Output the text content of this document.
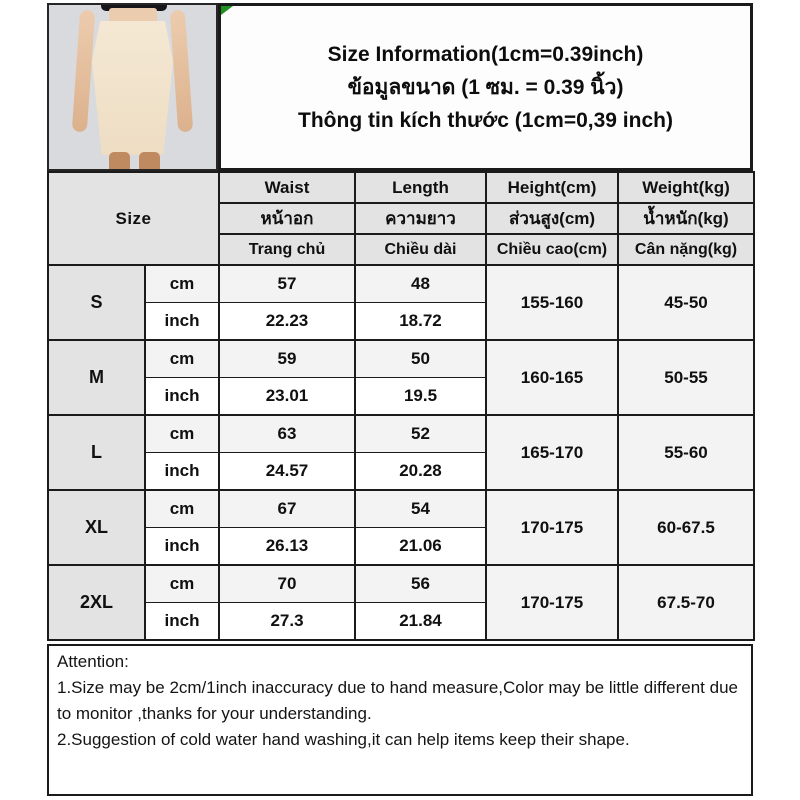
Size Information(1cm=0.39inch)
ข้อมูลขนาด (1 ซม. = 0.39 นิ้ว)
Thông tin kích thước (1cm=0,39 inch)
Size		Waist	Length	Height(cm)	Weight(kg)
		หน้าอก	ความยาว	ส่วนสูง(cm)	น้ำหนัก(kg)
		Trang chủ	Chiều dài	Chiều cao(cm)	Cân nặng(kg)
S	cm	57	48	155-160	45-50
	inch	22.23	18.72		
M	cm	59	50	160-165	50-55
	inch	23.01	19.5		
L	cm	63	52	165-170	55-60
	inch	24.57	20.28		
XL	cm	67	54	170-175	60-67.5
	inch	26.13	21.06		
2XL	cm	70	56	170-175	67.5-70
	inch	27.3	21.84		
Attention:
1.Size may be 2cm/1inch inaccuracy due to hand measure,Color may be little different due to monitor ,thanks for your understanding.
2.Suggestion of cold water hand washing,it can help items keep their shape.
